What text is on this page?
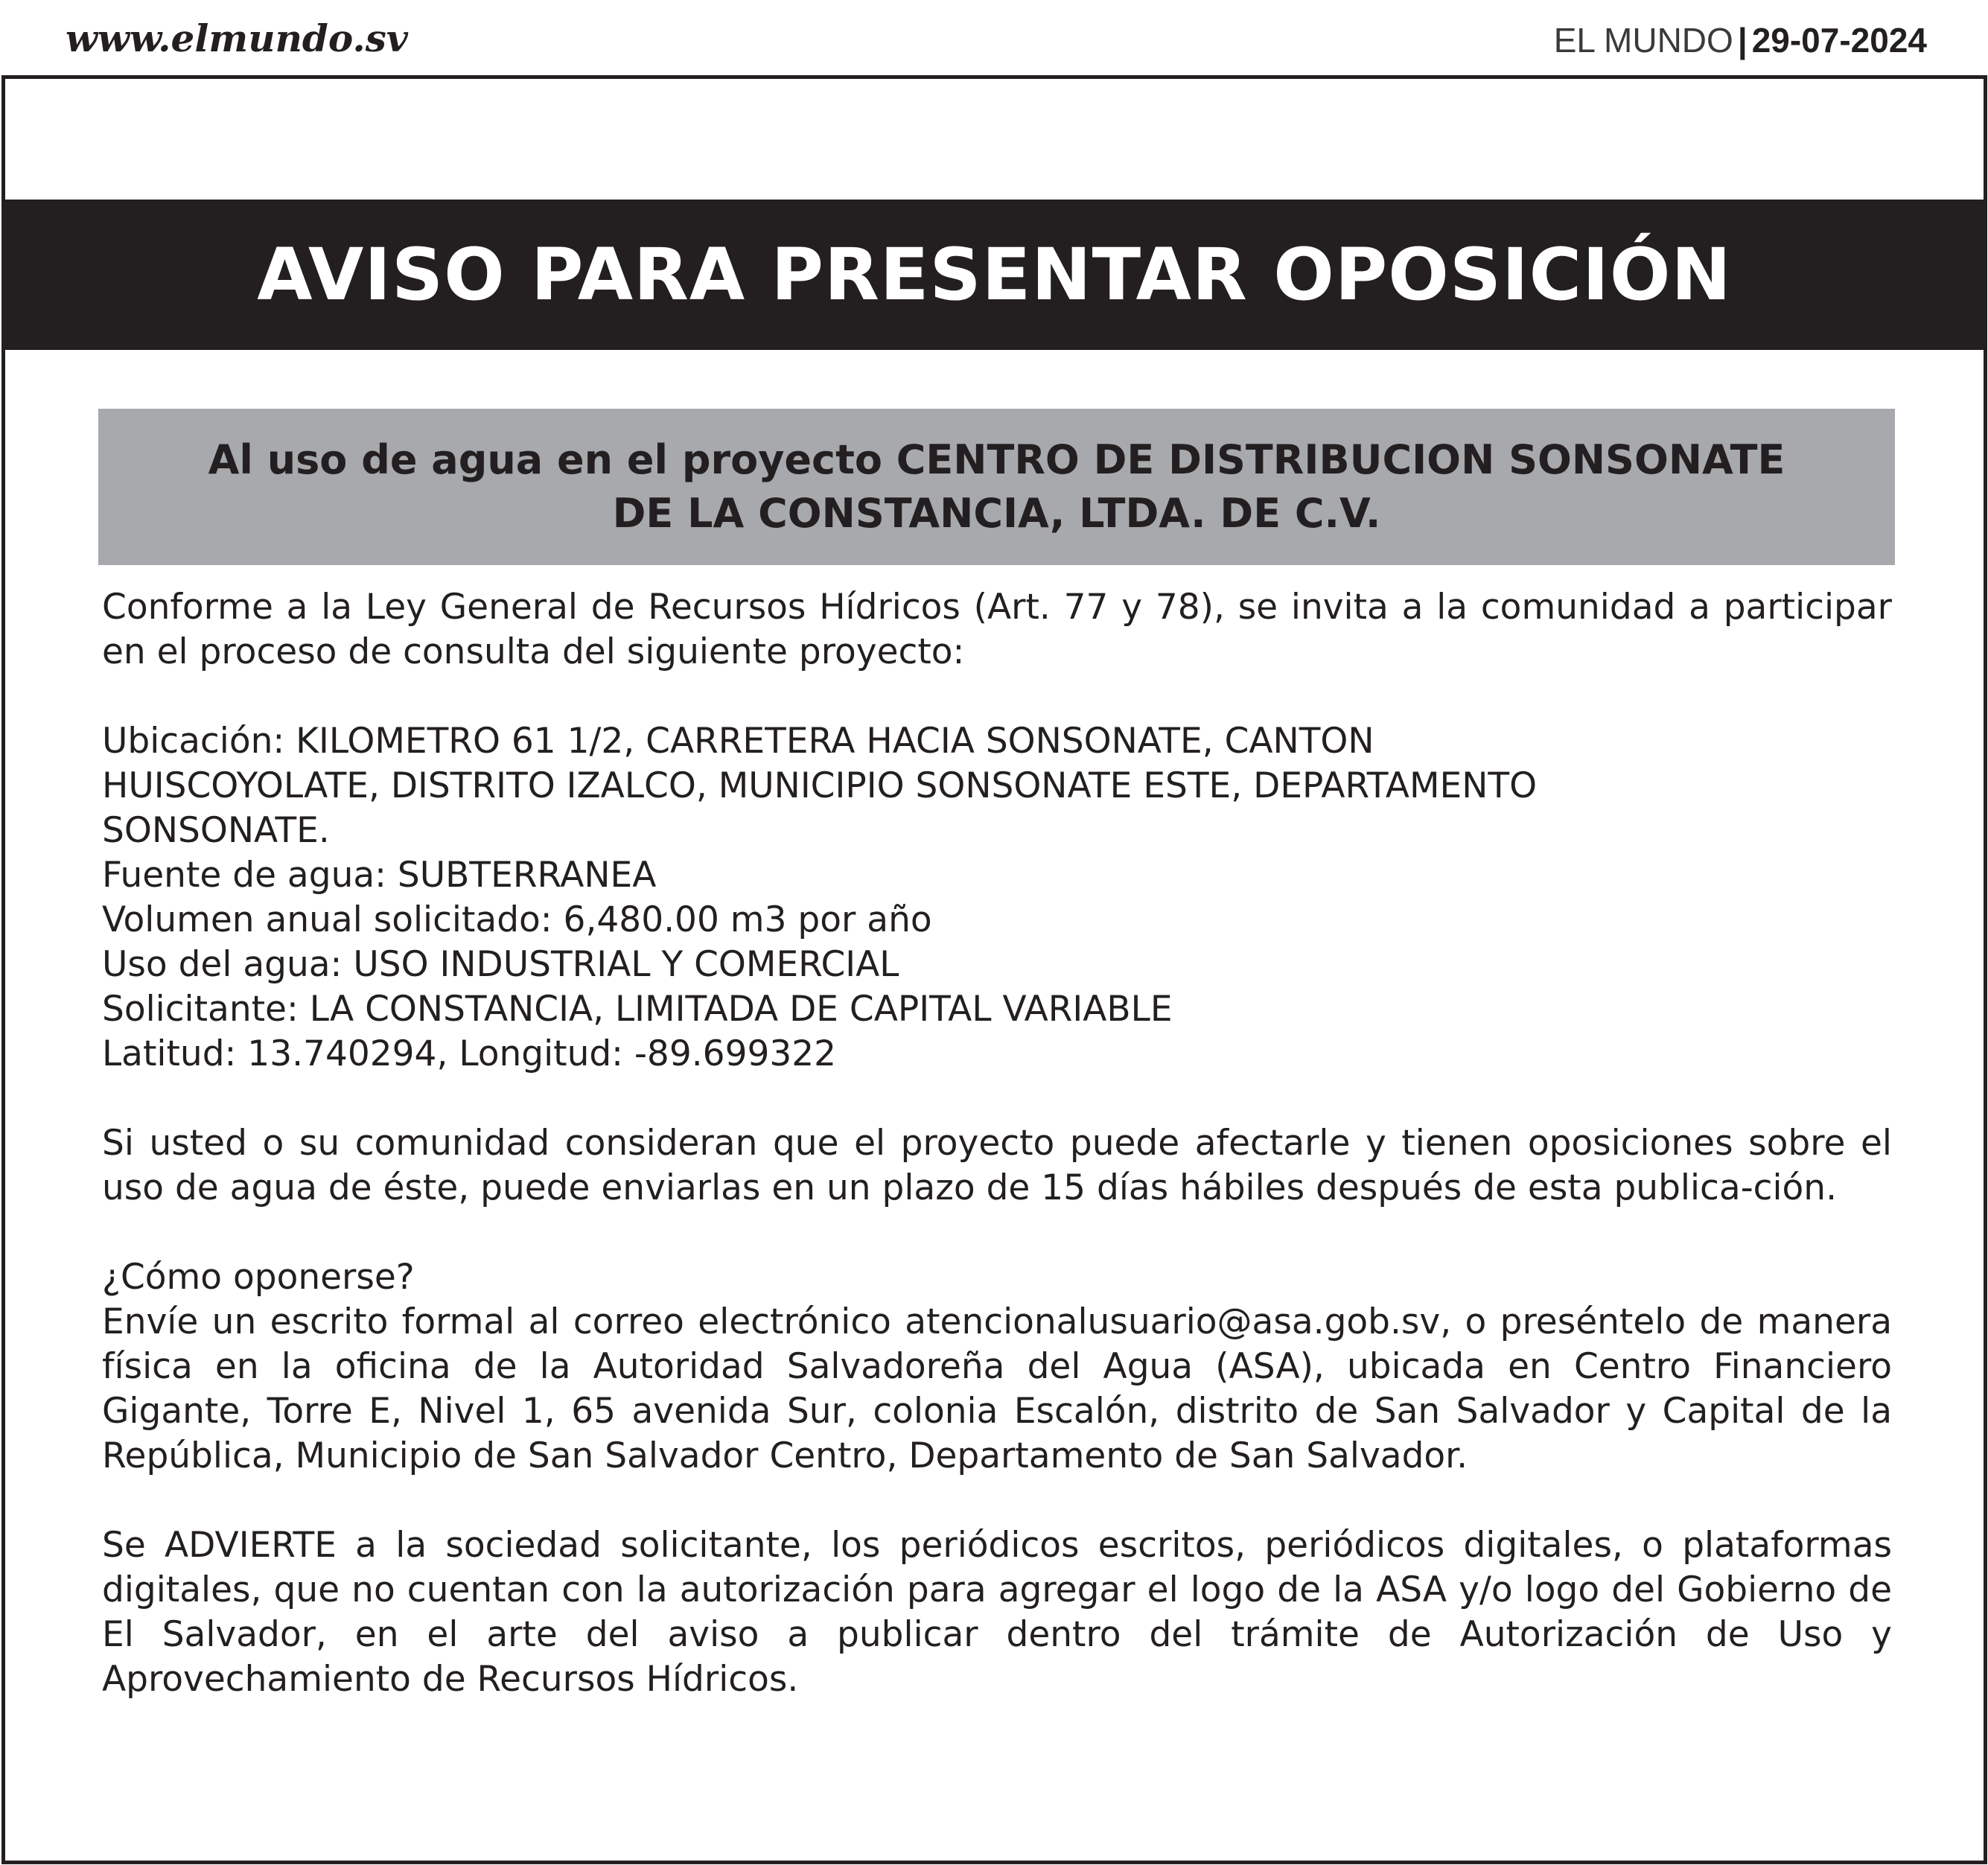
www.elmundo.sv	EL MUNDO | 29-07-2024
AVISO PARA PRESENTAR OPOSICIÓN

Al uso de agua en el proyecto CENTRO DE DISTRIBUCION SONSONATE
DE LA CONSTANCIA, LTDA. DE C.V.

Conforme a la Ley General de Recursos Hídricos (Art. 77 y 78), se invita a la comunidad a participar en el proceso de consulta del siguiente proyecto:

Ubicación: KILOMETRO 61 1/2, CARRETERA HACIA SONSONATE, CANTON

HUISCOYOLATE, DISTRITO IZALCO, MUNICIPIO SONSONATE ESTE, DEPARTAMENTO

SONSONATE.

Fuente de agua: SUBTERRANEA

Volumen anual solicitado: 6,480.00 m3 por año

Uso del agua: USO INDUSTRIAL Y COMERCIAL

Solicitante: LA CONSTANCIA, LIMITADA DE CAPITAL VARIABLE

Latitud: 13.740294, Longitud: -89.699322

Si usted o su comunidad consideran que el proyecto puede afectarle y tienen oposiciones sobre el uso de agua de éste, puede enviarlas en un plazo de 15 días hábiles después de esta publica-ción.

¿Cómo oponerse?

Envíe un escrito formal al correo electrónico atencionalusuario@asa.gob.sv, o preséntelo de manera física en la oficina de la Autoridad Salvadoreña del Agua (ASA), ubicada en Centro Financiero Gigante, Torre E, Nivel 1, 65 avenida Sur, colonia Escalón, distrito de San Salvador y Capital de la República, Municipio de San Salvador Centro, Departamento de San Salvador.

Se ADVIERTE a la sociedad solicitante, los periódicos escritos, periódicos digitales, o plataformas digitales, que no cuentan con la autorización para agregar el logo de la ASA y/o logo del Gobierno de El Salvador, en el arte del aviso a publicar dentro del trámite de Autorización de Uso y Aprovechamiento de Recursos Hídricos.
